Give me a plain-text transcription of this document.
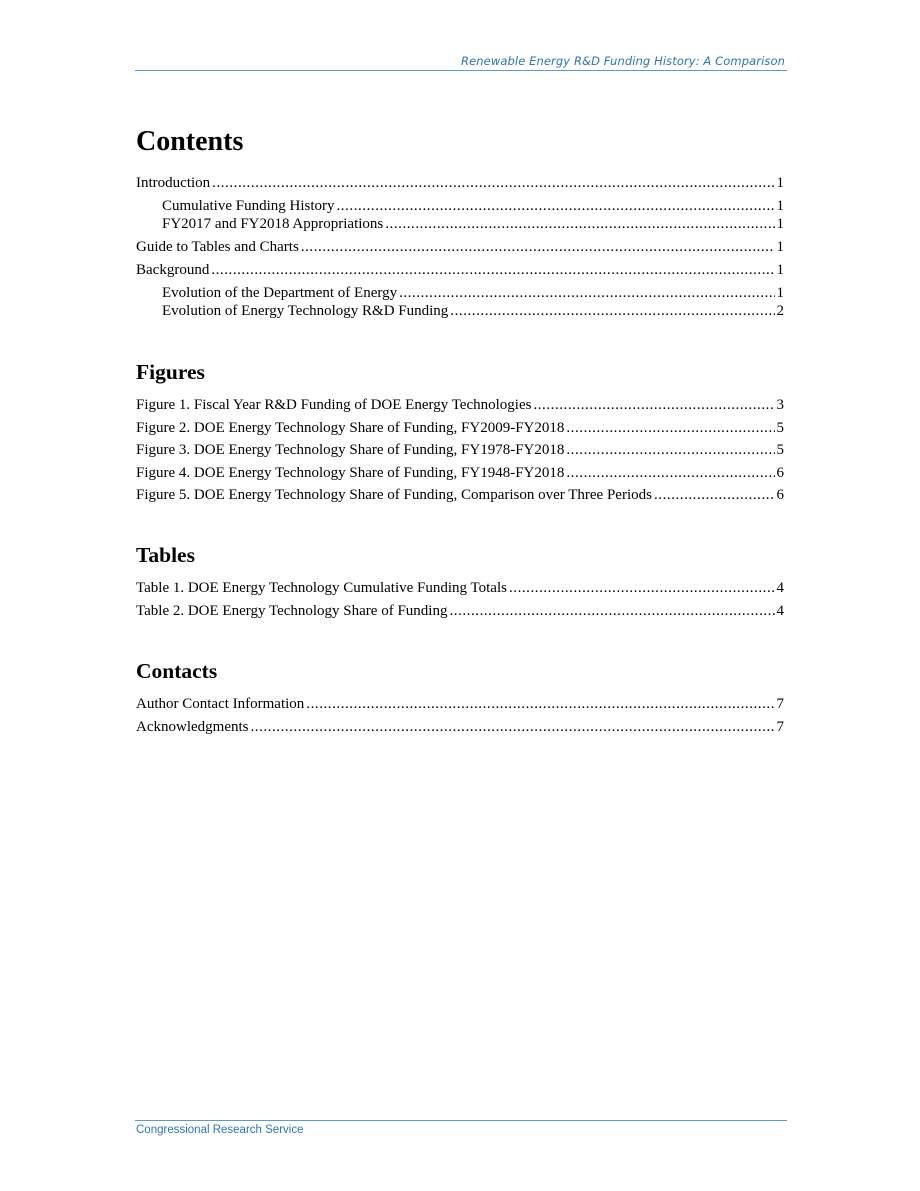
Renewable Energy R&D Funding History: A Comparison
Contents
Introduction . . .	1
Cumulative Funding History . . .	1
FY2017 and FY2018 Appropriations . . .	1
Guide to Tables and Charts . . .	1
Background . . .	1
Evolution of the Department of Energy . . .	1
Evolution of Energy Technology R&D Funding . . .	2
Figures
Figure 1. Fiscal Year R&D Funding of DOE Energy Technologies . . .	3
Figure 2. DOE Energy Technology Share of Funding, FY2009-FY2018 . . .	5
Figure 3. DOE Energy Technology Share of Funding, FY1978-FY2018 . . .	5
Figure 4. DOE Energy Technology Share of Funding, FY1948-FY2018 . . .	6
Figure 5. DOE Energy Technology Share of Funding, Comparison over Three Periods . . .	6
Tables
Table 1. DOE Energy Technology Cumulative Funding Totals . . .	4
Table 2. DOE Energy Technology Share of Funding . . .	4
Contacts
Author Contact Information . . .	7
Acknowledgments . . .	7
Congressional Research Service
